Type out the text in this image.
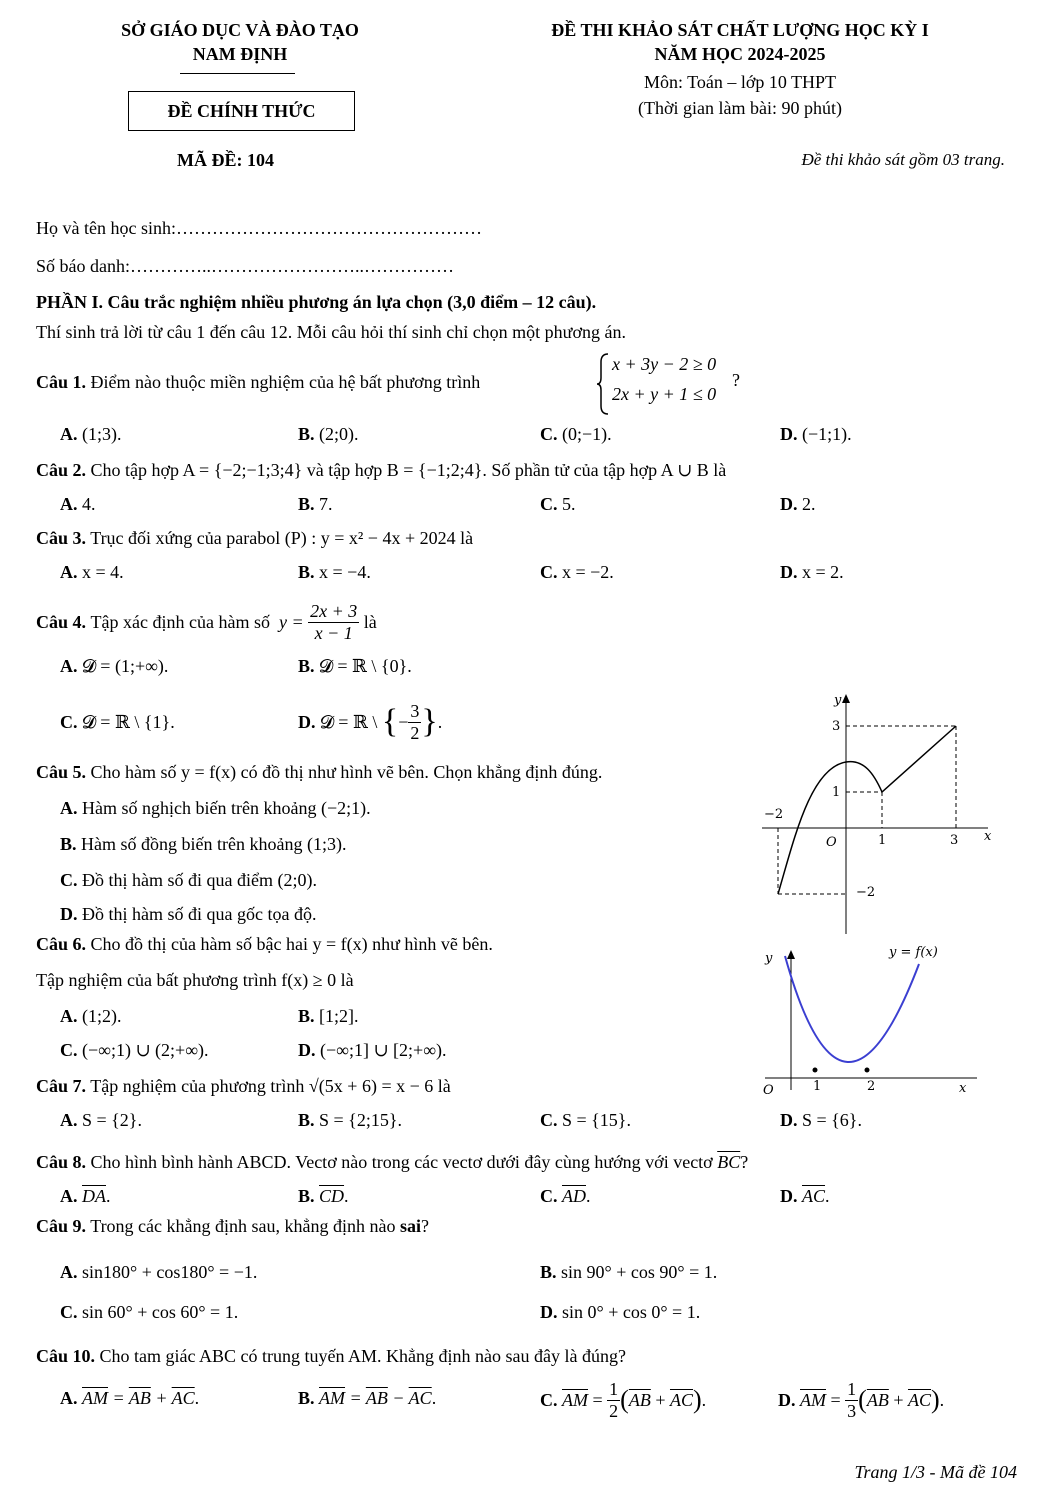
SỞ GIÁO DỤC VÀ ĐÀO TẠO
NAM ĐỊNH
ĐỀ CHÍNH THỨC
MÃ ĐỀ: 104
ĐỀ THI KHẢO SÁT CHẤT LƯỢNG HỌC KỲ I
NĂM HỌC 2024-2025
Môn: Toán – lớp 10 THPT
(Thời gian làm bài: 90 phút)
Đề thi khảo sát gồm 03 trang.
Họ và tên học sinh:……………………………………………
Số báo danh:…………..……………………..……………
PHẦN I. Câu trắc nghiệm nhiều phương án lựa chọn (3,0 điểm – 12 câu).
Thí sinh trả lời từ câu 1 đến câu 12. Mỗi câu hỏi thí sinh chỉ chọn một phương án.
Câu 1. Điểm nào thuộc miền nghiệm của hệ bất phương trình
x + 3y − 2 ≥ 0
2x + y + 1 ≤ 0
?
A. (1;3).	B. (2;0).	C. (0;−1).	D. (−1;1).
Câu 2. Cho tập hợp A = {−2;−1;3;4} và tập hợp B = {−1;2;4}. Số phần tử của tập hợp A ∪ B là
A. 4.	B. 7.	C. 5.	D. 2.
Câu 3. Trục đối xứng của parabol (P) : y = x² − 4x + 2024 là
A. x = 4.	B. x = −4.	C. x = −2.	D. x = 2.
Câu 4.
Tập xác định của hàm số
y =
$\frac{2x + 3}{x - 1}$
là
A. 𝓓 = (1;+∞).	B. 𝓓 = ℝ \ {0}.
C. 𝓓 = ℝ \ {1}.	D.
𝓓 = ℝ \
{ − $\frac{3}{2}$ } .
Câu 5. Cho hàm số y = f(x) có đồ thị như hình vẽ bên. Chọn khẳng định đúng.
A. Hàm số nghịch biến trên khoảng (−2;1).
B. Hàm số đồng biến trên khoảng (1;3).
C. Đồ thị hàm số đi qua điểm (2;0).
D. Đồ thị hàm số đi qua gốc tọa độ.
y
x
O
3
1
−2
1	3
−2
Câu 6. Cho đồ thị của hàm số bậc hai y = f(x) như hình vẽ bên.
Tập nghiệm của bất phương trình f(x) ≥ 0 là
A. (1;2).	B. [1;2].
C. (−∞;1) ∪ (2;+∞).	D. (−∞;1] ∪ [2;+∞).
y
x
O	1	2
y = f(x)
Câu 7. Tập nghiệm của phương trình √(5x + 6) = x − 6 là
A. S = {2}.	B. S = {2;15}.	C. S = {15}.	D. S = {6}.
Câu 8. Cho hình bình hành ABCD. Vectơ nào trong các vectơ dưới đây cùng hướng với vectơ $\overline{BC}$?
A. $\overline{DA}$.	B. $\overline{CD}$.	C. $\overline{AD}$.	D. $\overline{AC}$.
Câu 9. Trong các khẳng định sau, khẳng định nào sai?
A. sin180° + cos180° = −1.	B. sin 90° + cos 90° = 1.
C. sin 60° + cos 60° = 1.	D. sin 0° + cos 0° = 1.
Câu 10. Cho tam giác ABC có trung tuyến AM. Khẳng định nào sau đây là đúng?
A. $\overline{AM} = \overline{AB} + \overline{AC}$.	B. $\overline{AM} = \overline{AB} - \overline{AC}$.	C.
$\overline{AM} = \frac{1}{2}$ ( $\overline{AB} + \overline{AC}$ ) .	D.
$\overline{AM} = \frac{1}{3}$ ( $\overline{AB} + \overline{AC}$ ) .
Trang 1/3 - Mã đề 104
